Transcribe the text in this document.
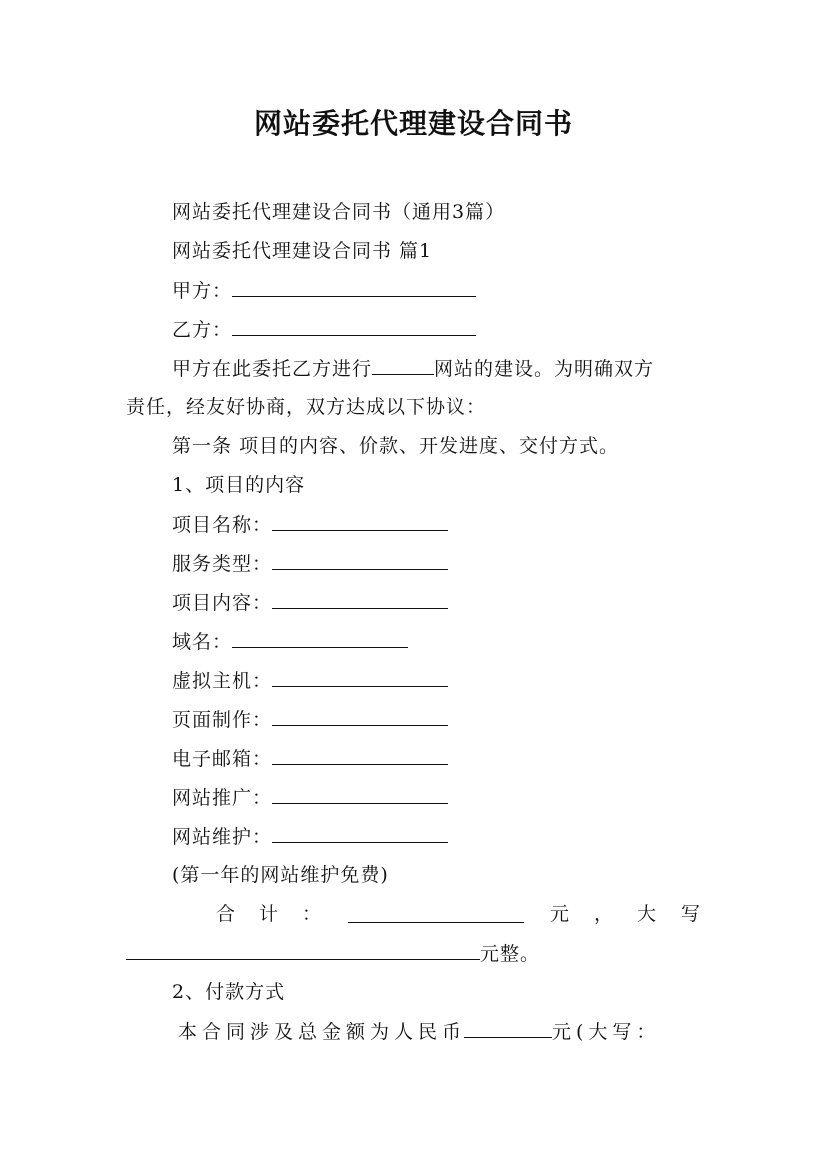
网站委托代理建设合同书
网站委托代理建设合同书（通用3篇）
网站委托代理建设合同书 篇1
甲方：
乙方：
甲方在此委托乙方进行	网站的建设。为明确双方
责任，经友好协商，双方达成以下协议：
第一条 项目的内容、价款、开发进度、交付方式。
1、项目的内容
项目名称：
服务类型：
项目内容：
域名：
虚拟主机：
页面制作：
电子邮箱：
网站推广：
网站维护：
(第一年的网站维护免费)
合 计 ：	元 ， 大 写
元整。
2、付款方式
本合同涉及总金额为人民币	元(大写：
